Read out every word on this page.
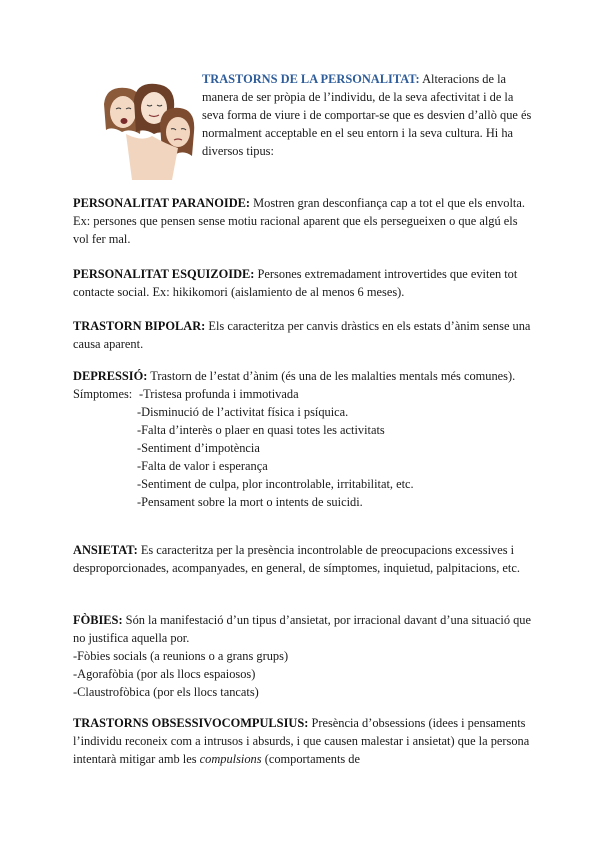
TRASTORNS DE LA PERSONALITAT: Alteracions de la manera de ser pròpia de l’individu, de la seva afectivitat i de la seva forma de viure i de comportar-se que es desvien d’allò que és normalment acceptable en el seu entorn i la seva cultura. Hi ha diversos tipus:
PERSONALITAT PARANOIDE: Mostren gran desconfiança cap a tot el que els envolta. Ex: persones que pensen sense motiu racional aparent que els persegueixen o que algú els vol fer mal.
PERSONALITAT ESQUIZOIDE: Persones extremadament introvertides que eviten tot contacte social. Ex: hikikomori (aislamiento de al menos 6 meses).
TRASTORN BIPOLAR: Els caracteritza per canvis dràstics en els estats d’ànim sense una causa aparent.
DEPRESSIÓ: Trastorn de l’estat d’ànim (és una de les malalties mentals més comunes).
Símptomes: -Tristesa profunda i immotivada
-Disminució de l’activitat física i psíquica.
-Falta d’interès o plaer en quasi totes les activitats
-Sentiment d’impotència
-Falta de valor i esperança
-Sentiment de culpa, plor incontrolable, irritabilitat, etc.
-Pensament sobre la mort o intents de suicidi.
ANSIETAT: Es caracteritza per la presència incontrolable de preocupacions excessives i desproporcionades, acompanyades, en general, de símptomes, inquietud, palpitacions, etc.
FÒBIES: Són la manifestació d’un tipus d’ansietat, por irracional davant d’una situació que no justifica aquella por.
-Fòbies socials (a reunions o a grans grups)
-Agorafòbia (por als llocs espaiosos)
-Claustrofòbica (por els llocs tancats)
TRASTORNS OBSESSIVOCOMPULSIUS: Presència d’obsessions (idees i pensaments l’individu reconeix com a intrusos i absurds, i que causen malestar i ansietat) que la persona intentarà mitigar amb les compulsions (comportaments de
